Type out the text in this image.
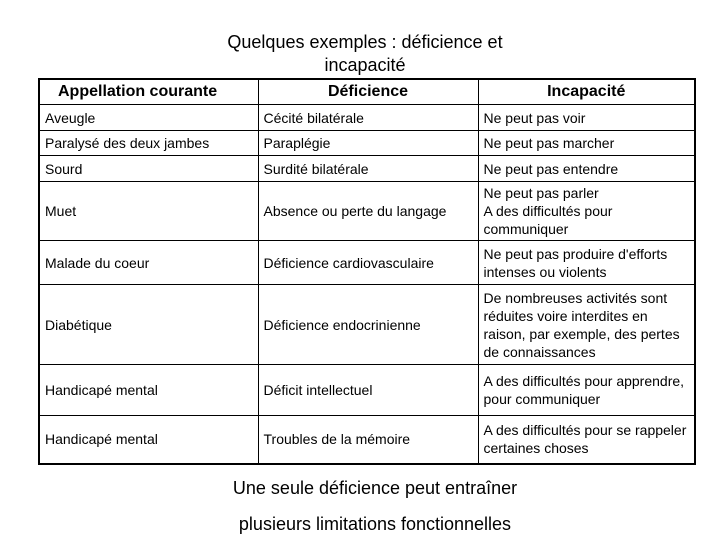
Quelques exemples : déficience et incapacité
Appellation courante	Déficience	Incapacité

Aveugle	Cécité bilatérale	Ne peut pas voir

Paralysé des deux jambes	Paraplégie	Ne peut pas marcher

Sourd	Surdité bilatérale	Ne peut pas entendre

Muet	Absence ou perte du langage	Ne peut pas parler
A des difficultés pour communiquer

Malade du coeur	Déficience cardiovasculaire	Ne peut pas produire d'efforts intenses ou violents

Diabétique	Déficience endocrinienne	De nombreuses activités sont réduites voire interdites en raison, par exemple, des pertes de connaissances

Handicapé mental	Déficit intellectuel	A des difficultés pour apprendre, pour communiquer

Handicapé mental	Troubles de la mémoire	A des difficultés pour se rappeler certaines choses
Une seule déficience peut entraîner
plusieurs limitations fonctionnelles
